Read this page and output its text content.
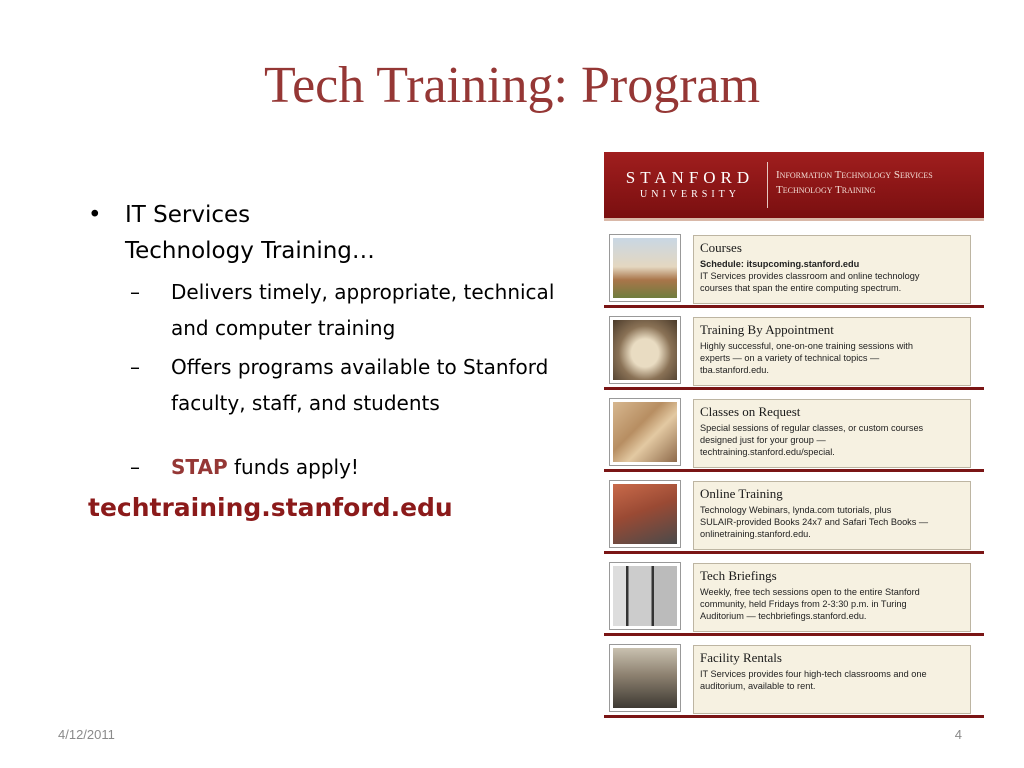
Tech Training: Program
• IT Services
Technology Training…
– Delivers timely, appropriate, technical and computer training
– Offers programs available to Stanford faculty, staff, and students
– STAP funds apply!
techtraining.stanford.edu
STANFORD
UNIVERSITY
Information Technology Services
Technology Training
Courses
Schedule: itsupcoming.stanford.edu
IT Services provides classroom and online technology
courses that span the entire computing spectrum.
Training By Appointment
Highly successful, one-on-one training sessions with
experts — on a variety of technical topics —
tba.stanford.edu.
Classes on Request
Special sessions of regular classes, or custom courses
designed just for your group —
techtraining.stanford.edu/special.
Online Training
Technology Webinars, lynda.com tutorials, plus
SULAIR-provided Books 24x7 and Safari Tech Books —
onlinetraining.stanford.edu.
Tech Briefings
Weekly, free tech sessions open to the entire Stanford
community, held Fridays from 2-3:30 p.m. in Turing
Auditorium — techbriefings.stanford.edu.
Facility Rentals
IT Services provides four high-tech classrooms and one
auditorium, available to rent.
4/12/2011	4
